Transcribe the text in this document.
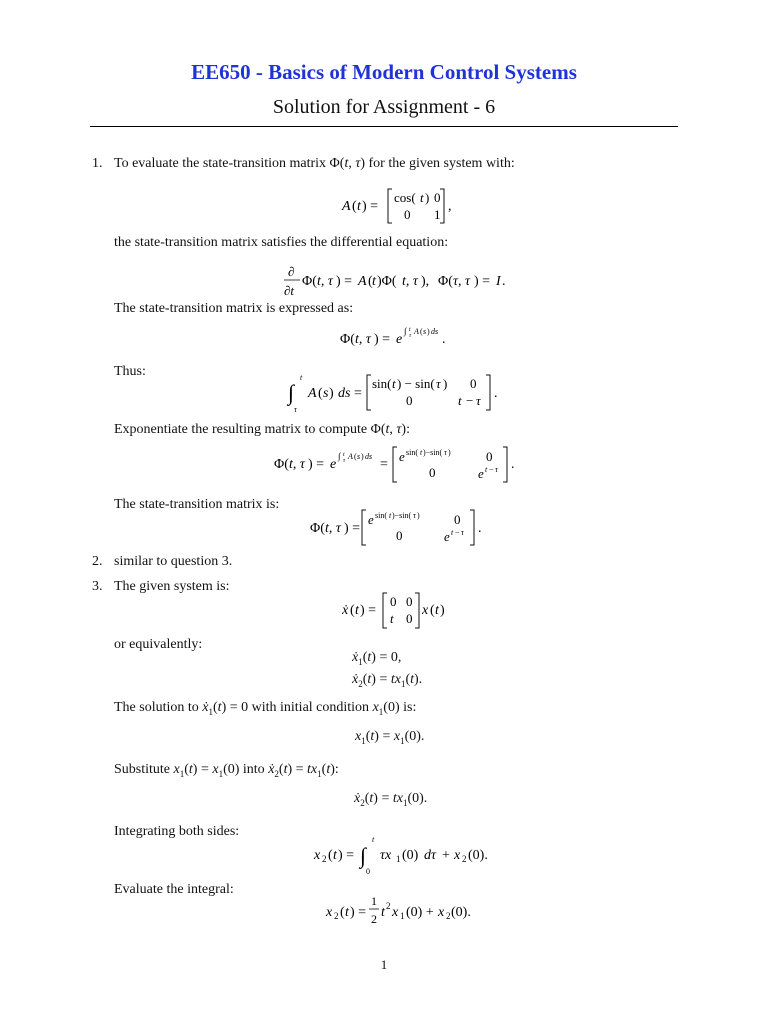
EE650 - Basics of Modern Control Systems
Solution for Assignment - 6
1. To evaluate the state-transition matrix Φ(t, τ) for the given system with:
A ( t ) =
cos( t ) 0
0 1
,
the state-transition matrix satisfies the differential equation:
∂
∂t
Φ( t, τ ) = A ( t )Φ( t, τ ), Φ( τ, τ ) = I .
The state-transition matrix is expressed as:
Φ( t, τ ) = e
∫ t
τ A ( s ) ds
.
Thus:
∫
t
τ
A ( s ) ds =
sin( t ) − sin( τ ) 0
0	t − τ .
Exponentiate the resulting matrix to compute Φ(t, τ):
Φ( t, τ ) = e
∫ t
τ A ( s ) ds
=
e sin( t )−sin( τ )	0
0	e t − τ .
The state-transition matrix is:
Φ( t, τ ) =
e sin( t )−sin( τ )	0
0	e t − τ .
2. similar to question 3.
3. The given system is:
ẋ ( t ) =
0 0
t 0
x ( t )
or equivalently:
ẋ$_1$(t) = 0,
ẋ$_2$(t) = $tx_1(t)$.
The solution to ẋ$_1$(t) = 0 with initial condition $x_1(0)$ is:
$x_1(t) = x_1(0)$.
Substitute $x_1(t) = x_1(0)$ into ẋ$_2$(t) = $tx_1(t)$:
ẋ$_2$(t) = $tx_1(0)$.
Integrating both sides:
x 2 ( t ) = ∫
t
0
τx 1 (0) dτ + x 2 (0).
Evaluate the integral:
x 2 ( t ) =
1
2 t 2 x 1 (0) + x 2 (0).
1
